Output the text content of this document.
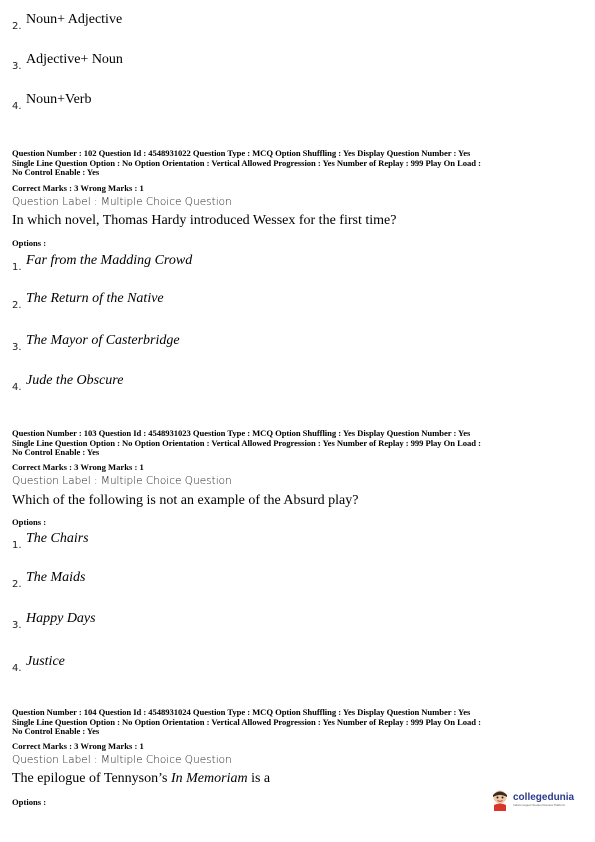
2. Noun+ Adjective
3. Adjective+ Noun
4. Noun+Verb
Question Number : 102 Question Id : 4548931022 Question Type : MCQ Option Shuffling : Yes Display Question Number : Yes
Single Line Question Option : No Option Orientation : Vertical Allowed Progression : Yes Number of Replay : 999 Play On Load :
No Control Enable : Yes
Correct Marks : 3 Wrong Marks : 1
Question Label : Multiple Choice Question
In which novel, Thomas Hardy introduced Wessex for the first time?
Options :
1. Far from the Madding Crowd
2. The Return of the Native
3. The Mayor of Casterbridge
4. Jude the Obscure
Question Number : 103 Question Id : 4548931023 Question Type : MCQ Option Shuffling : Yes Display Question Number : Yes
Single Line Question Option : No Option Orientation : Vertical Allowed Progression : Yes Number of Replay : 999 Play On Load :
No Control Enable : Yes
Correct Marks : 3 Wrong Marks : 1
Question Label : Multiple Choice Question
Which of the following is not an example of the Absurd play?
Options :
1. The Chairs
2. The Maids
3. Happy Days
4. Justice
Question Number : 104 Question Id : 4548931024 Question Type : MCQ Option Shuffling : Yes Display Question Number : Yes
Single Line Question Option : No Option Orientation : Vertical Allowed Progression : Yes Number of Replay : 999 Play On Load :
No Control Enable : Yes
Correct Marks : 3 Wrong Marks : 1
Question Label : Multiple Choice Question
The epilogue of Tennyson’s In Memoriam is a
Options :	collegedunia
India's largest Student Review Platform
